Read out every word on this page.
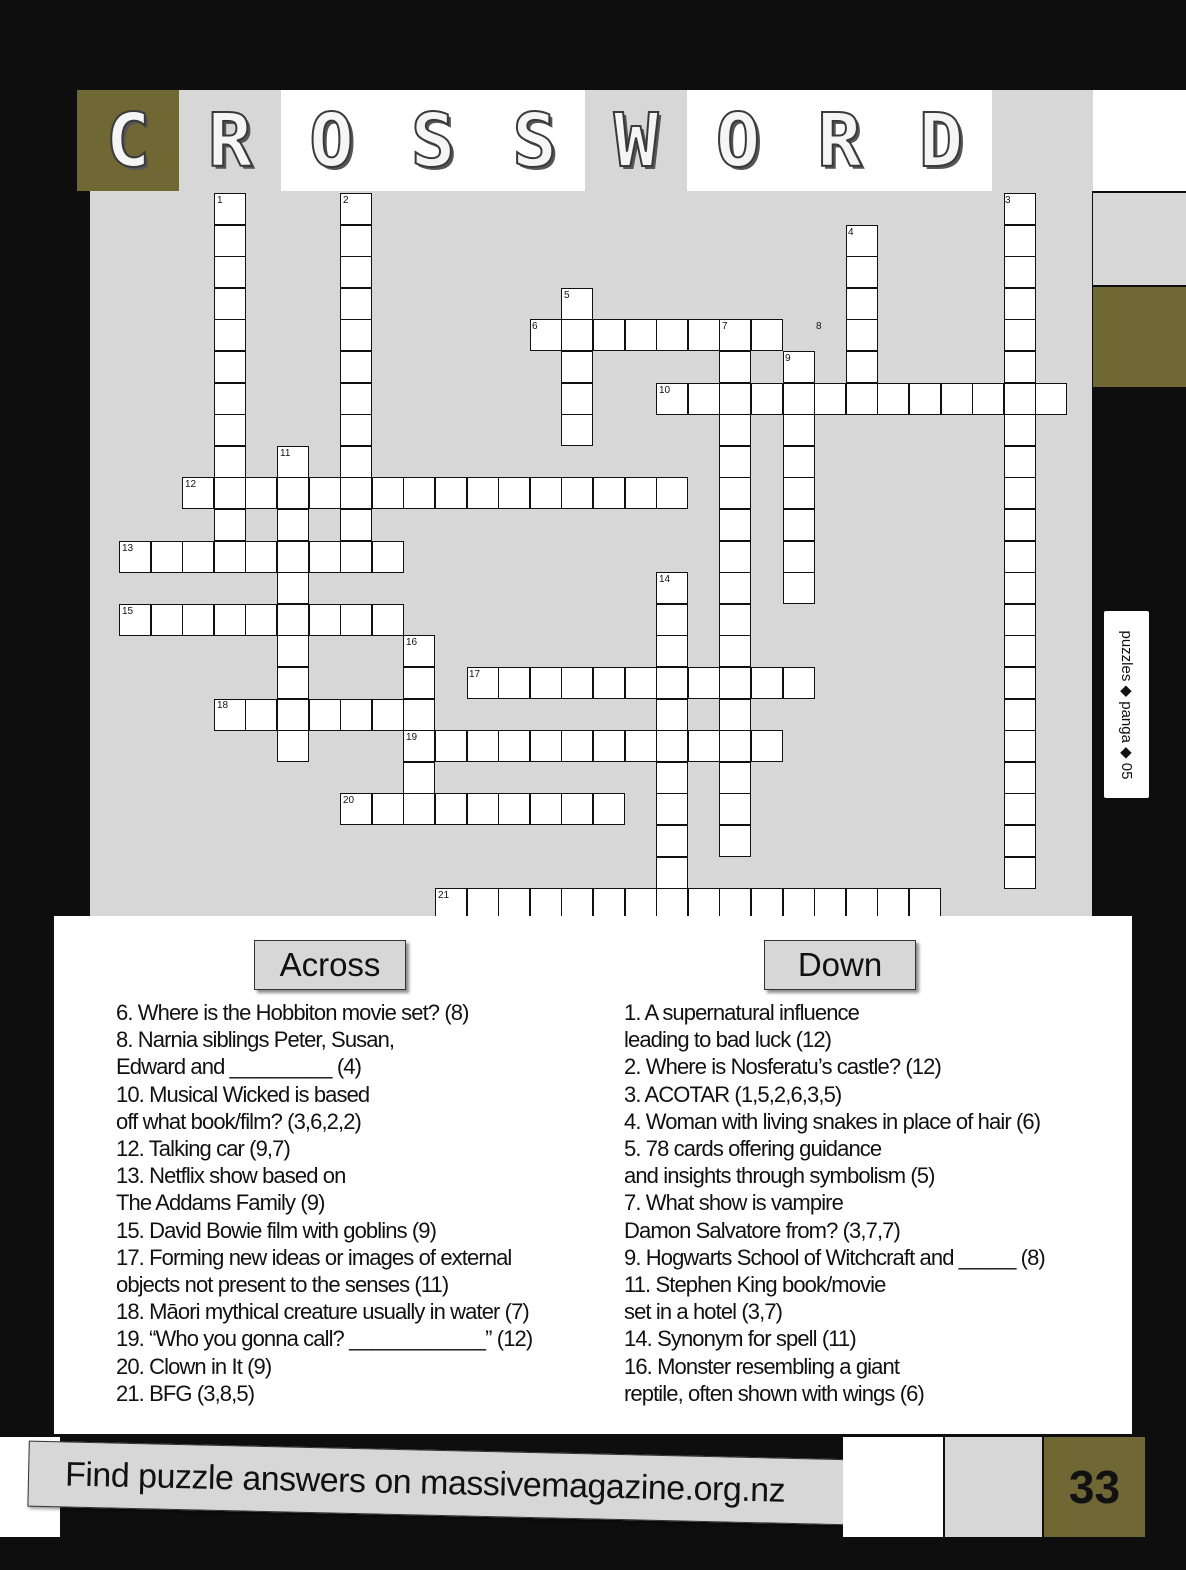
C R O S S W O R D
1	2	3
4
5
6	7	8
9
10
11
12
13
14
15
16
17
18
19
20
21
puzzles ◆ panga ◆ 05
Across	Down
6. Where is the Hobbiton movie set? (8)
8. Narnia siblings Peter, Susan,
Edward and _________ (4)
10. Musical Wicked is based
off what book/film? (3,6,2,2)
12. Talking car (9,7)
13. Netflix show based on
The Addams Family (9)
15. David Bowie film with goblins (9)
17. Forming new ideas or images of external
objects not present to the senses (11)
18. Māori mythical creature usually in water (7)
19. “Who you gonna call? ____________” (12)
20. Clown in It (9)
21. BFG (3,8,5)
1. A supernatural influence
leading to bad luck (12)
2. Where is Nosferatu’s castle? (12)
3. ACOTAR (1,5,2,6,3,5)
4. Woman with living snakes in place of hair (6)
5. 78 cards offering guidance
and insights through symbolism (5)
7. What show is vampire
Damon Salvatore from? (3,7,7)
9. Hogwarts School of Witchcraft and _____ (8)
11. Stephen King book/movie
set in a hotel (3,7)
14. Synonym for spell (11)
16. Monster resembling a giant
reptile, often shown with wings (6)
Find puzzle answers on massivemagazine.org.nz	33
